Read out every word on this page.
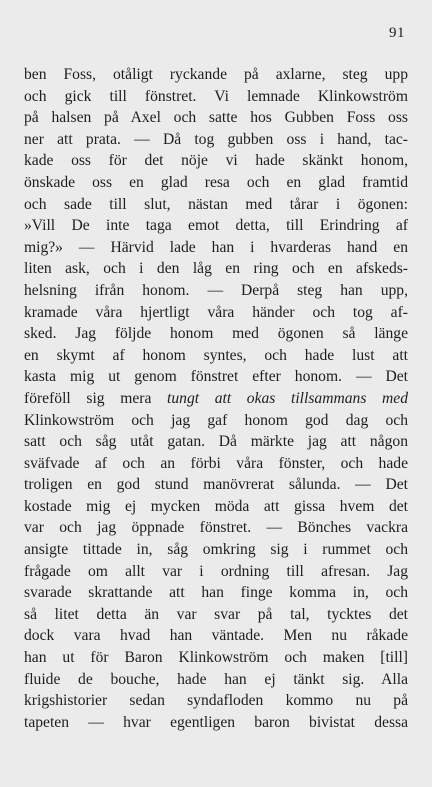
91
ben Foss, otåligt ryckande på axlarne, steg upp
och gick till fönstret. Vi lemnade Klinkowström
på halsen på Axel och satte hos Gubben Foss oss
ner att prata. — Då tog gubben oss i hand, tac-
kade oss för det nöje vi hade skänkt honom,
önskade oss en glad resa och en glad framtid
och sade till slut, nästan med tårar i ögonen:
»Vill De inte taga emot detta, till Erindring af
mig?» — Härvid lade han i hvarderas hand en
liten ask, och i den låg en ring och en afskeds-
helsning ifrån honom. — Derpå steg han upp,
kramade våra hjertligt våra händer och tog af-
sked. Jag följde honom med ögonen så länge
en skymt af honom syntes, och hade lust att
kasta mig ut genom fönstret efter honom. — Det
föreföll sig mera tungt att okas tillsammans med
Klinkowström och jag gaf honom god dag och
satt och såg utåt gatan. Då märkte jag att någon
sväfvade af och an förbi våra fönster, och hade
troligen en god stund manövrerat sålunda. — Det
kostade mig ej mycken möda att gissa hvem det
var och jag öppnade fönstret. — Bönches vackra
ansigte tittade in, såg omkring sig i rummet och
frågade om allt var i ordning till afresan. Jag
svarade skrattande att han finge komma in, och
så litet detta än var svar på tal, tycktes det
dock vara hvad han väntade. Men nu råkade
han ut för Baron Klinkowström och maken [till]
fluide de bouche, hade han ej tänkt sig. Alla
krigshistorier sedan syndafloden kommo nu på
tapeten — hvar egentligen baron bivistat dessa
